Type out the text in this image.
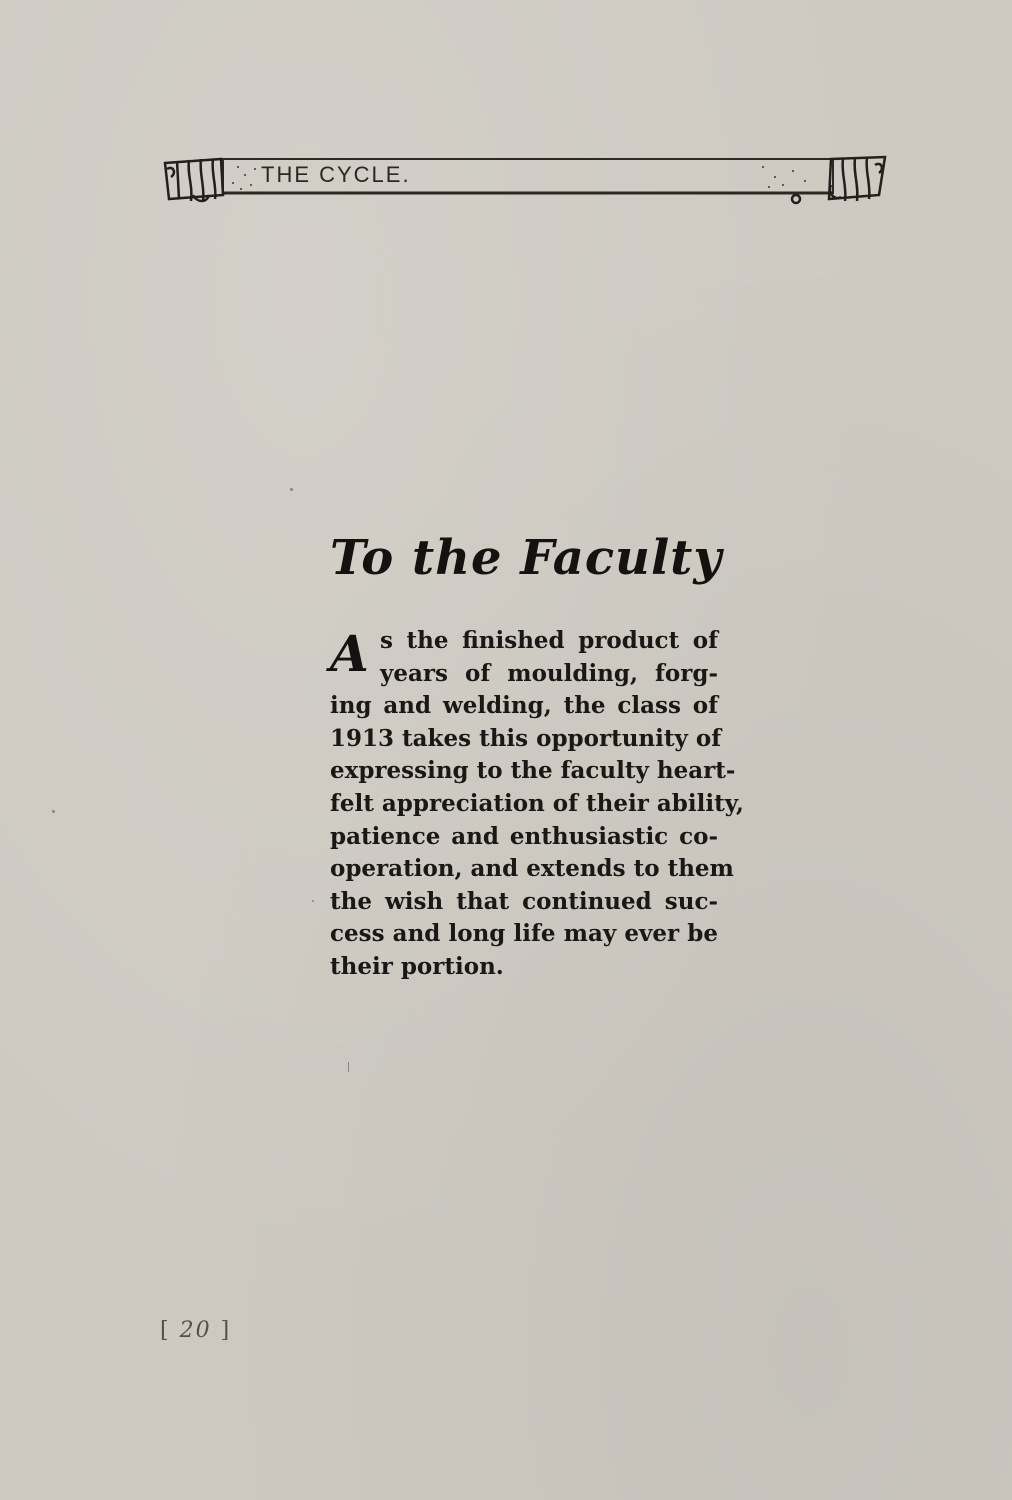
THE CYCLE.
To the Faculty
A s the finished product of
years of moulding, forg-
ing and welding, the class of
1913 takes this opportunity of
expressing to the faculty heart-
felt appreciation of their ability,
patience and enthusiastic co-
operation, and extends to them
the wish that continued suc-
cess and long life may ever be
their portion.
[ 20 ]
